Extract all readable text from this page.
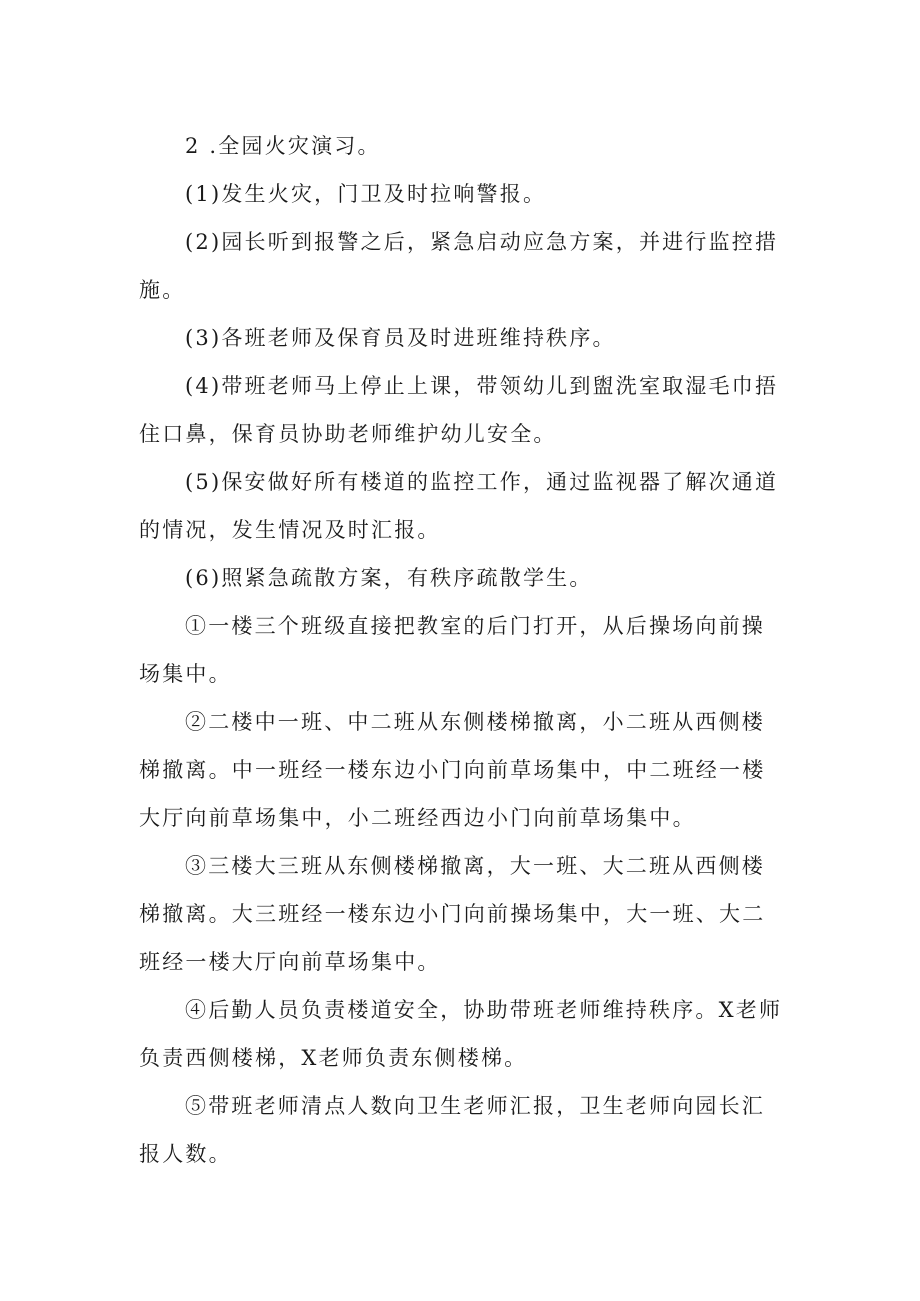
2 .全园火灾演习。

(1)发生火灾，门卫及时拉响警报。

(2)园长听到报警之后，紧急启动应急方案，并进行监控措施。

(3)各班老师及保育员及时进班维持秩序。

(4)带班老师马上停止上课，带领幼儿到盥洗室取湿毛巾捂住口鼻，保育员协助老师维护幼儿安全。

(5)保安做好所有楼道的监控工作，通过监视器了解次通道的情况，发生情况及时汇报。

(6)照紧急疏散方案，有秩序疏散学生。

①一楼三个班级直接把教室的后门打开，从后操场向前操场集中。

②二楼中一班、中二班从东侧楼梯撤离，小二班从西侧楼梯撤离。中一班经一楼东边小门向前草场集中，中二班经一楼大厅向前草场集中，小二班经西边小门向前草场集中。

③三楼大三班从东侧楼梯撤离，大一班、大二班从西侧楼梯撤离。大三班经一楼东边小门向前操场集中，大一班、大二班经一楼大厅向前草场集中。

④后勤人员负责楼道安全，协助带班老师维持秩序。X老师负责西侧楼梯，X老师负责东侧楼梯。

⑤带班老师清点人数向卫生老师汇报，卫生老师向园长汇报人数。
